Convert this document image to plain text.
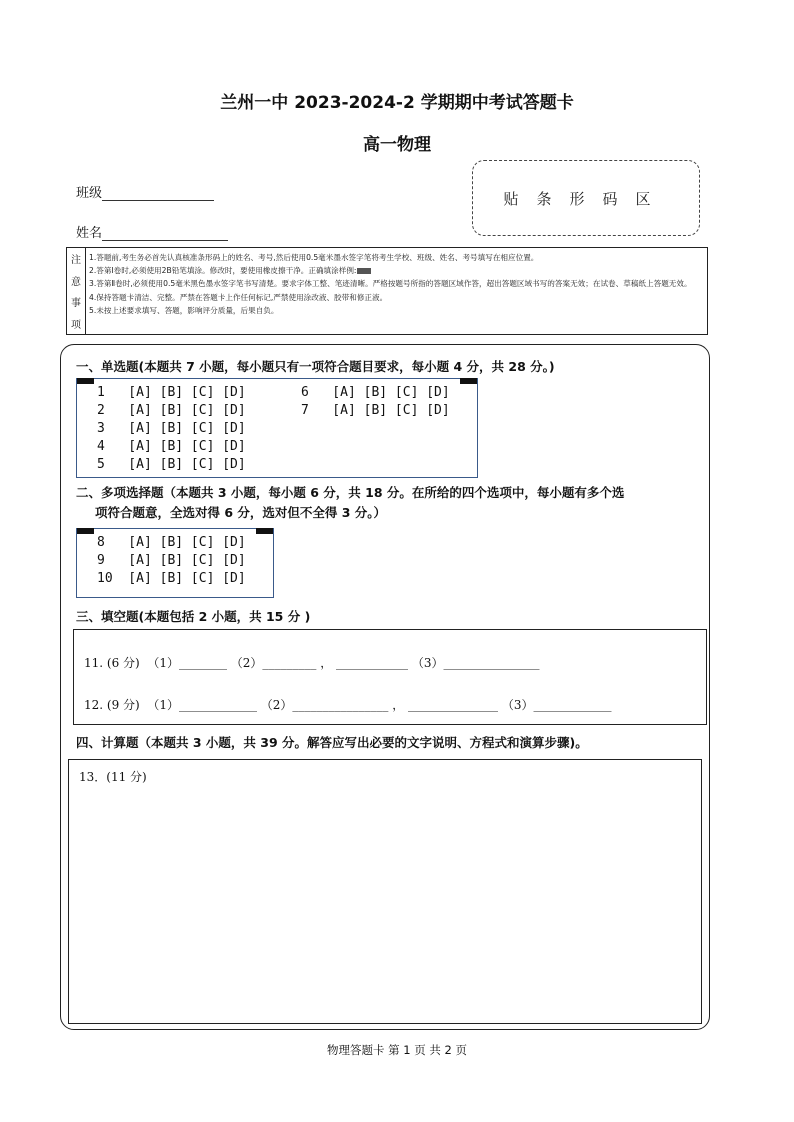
兰州一中 2023-2024-2 学期期中考试答题卡
高一物理
班级
姓名
贴条形码区
注
意
事
项
1.答题前,考生务必首先认真核准条形码上的姓名、考号,然后使用0.5毫米墨水签字笔将考生学校、班级、姓名、考号填写在相应位置。
2.答第Ⅰ卷时,必须使用2B铅笔填涂。修改时，要使用橡皮擦干净。正确填涂样例:
3.答第Ⅱ卷时,必须使用0.5毫米黑色墨水签字笔书写清楚。要求字体工整、笔迹清晰。严格按题号所指的答题区域作答，超出答题区域书写的答案无效；在试卷、草稿纸上答题无效。
4.保持答题卡清洁、完整。严禁在答题卡上作任何标记,严禁使用涂改液、胶带和修正液。
5.未按上述要求填写、答题，影响评分质量，后果自负。
一、单选题(本题共 7 小题，每小题只有一项符合题目要求，每小题 4 分，共 28 分。)
1   [A] [B] [C] [D]
2   [A] [B] [C] [D]
3   [A] [B] [C] [D]
4   [A] [B] [C] [D]
5   [A] [B] [C] [D]
6   [A] [B] [C] [D]
7   [A] [B] [C] [D]
二、多项选择题（本题共 3 小题，每小题 6 分，共 18 分。在所给的四个选项中，每小题有多个选
项符合题意，全选对得 6 分，选对但不全得 3 分。）
8   [A] [B] [C] [D]
9   [A] [B] [C] [D]
10  [A] [B] [C] [D]
三、填空题(本题包括 2 小题，共 15 分 )
11. (6 分)  （1）________ （2）_________ ， ____________ （3）________________
12. (9 分)  （1）_____________ （2）________________ ， _______________ （3）_____________
四、计算题（本题共 3 小题，共 39 分。解答应写出必要的文字说明、方程式和演算步骤)。
13．(11 分)
物理答题卡 第 1 页 共 2 页
